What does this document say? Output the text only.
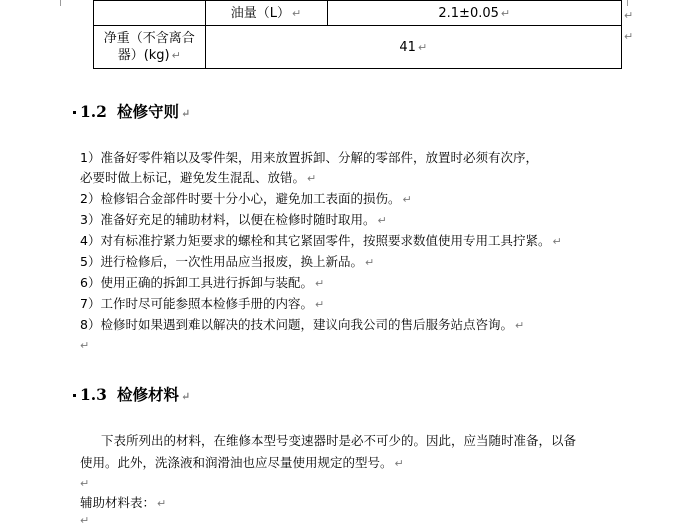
	油量（L） ↵	2.1±0.05 ↵

净重（不含离合
器）(kg) ↵	41 ↵	
↵
↵
1.2 检修守则 ↵
1）准备好零件箱以及零件架，用来放置拆卸、分解的零部件，放置时必须有次序，
必要时做上标记，避免发生混乱、放错。 ↵
2）检修铝合金部件时要十分小心，避免加工表面的损伤。 ↵
3）准备好充足的辅助材料，以便在检修时随时取用。 ↵
4）对有标准拧紧力矩要求的螺栓和其它紧固零件，按照要求数值使用专用工具拧紧。 ↵
5）进行检修后，一次性用品应当报废，换上新品。 ↵
6）使用正确的拆卸工具进行拆卸与装配。 ↵
7）工作时尽可能参照本检修手册的内容。 ↵
8）检修时如果遇到难以解决的技术问题，建议向我公司的售后服务站点咨询。 ↵
↵
1.3 检修材料 ↵
下表所列出的材料，在维修本型号变速器时是必不可少的。因此，应当随时准备，以备
使用。此外，洗涤液和润滑油也应尽量使用规定的型号。 ↵
↵
辅助材料表： ↵
↵
